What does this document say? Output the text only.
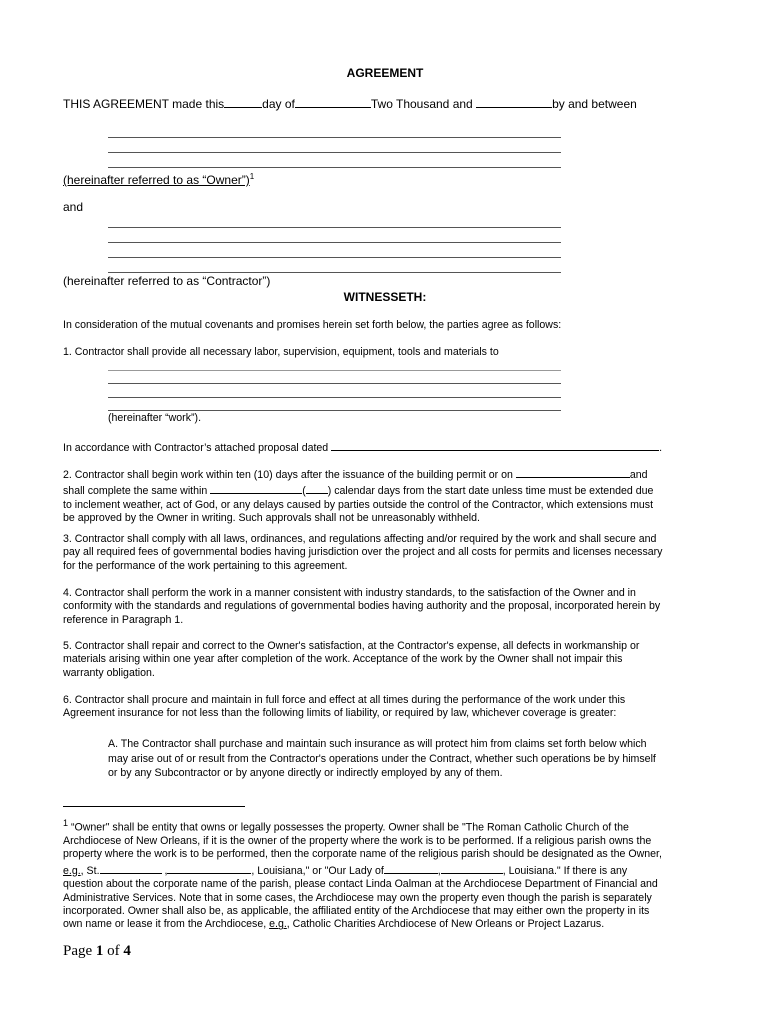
AGREEMENT
THIS AGREEMENT made this	day of	Two Thousand and	by and between
(hereinafter referred to as “Owner”)$^1$
and
(hereinafter referred to as “Contractor”)
WITNESSETH:
In consideration of the mutual covenants and promises herein set forth below, the parties agree as follows:
1. Contractor shall provide all necessary labor, supervision, equipment, tools and materials to
(hereinafter “work”).
In accordance with Contractor’s attached proposal dated	.
2. Contractor shall begin work within ten (10) days after the issuance of the building permit or on	and
shall complete the same within	( ) calendar days from the start date unless time must be extended due
to inclement weather, act of God, or any delays caused by parties outside the control of the Contractor, which extensions must
be approved by the Owner in writing. Such approvals shall not be unreasonably withheld.
3. Contractor shall comply with all laws, ordinances, and regulations affecting and/or required by the work and shall secure and
pay all required fees of governmental bodies having jurisdiction over the project and all costs for permits and licenses necessary
for the performance of the work pertaining to this agreement.
4. Contractor shall perform the work in a manner consistent with industry standards, to the satisfaction of the Owner and in
conformity with the standards and regulations of governmental bodies having authority and the proposal, incorporated herein by
reference in Paragraph 1.
5. Contractor shall repair and correct to the Owner's satisfaction, at the Contractor's expense, all defects in workmanship or
materials arising within one year after completion of the work. Acceptance of the work by the Owner shall not impair this
warranty obligation.
6. Contractor shall procure and maintain in full force and effect at all times during the performance of the work under this
Agreement insurance for not less than the following limits of liability, or required by law, whichever coverage is greater:
A. The Contractor shall purchase and maintain such insurance as will protect him from claims set forth below which
may arise out of or result from the Contractor's operations under the Contract, whether such operations be by himself
or by any Subcontractor or by anyone directly or indirectly employed by any of them.
$^1$ “Owner" shall be entity that owns or legally possesses the property. Owner shall be "The Roman Catholic Church of the
Archdiocese of New Orleans, if it is the owner of the property where the work is to be performed. If a religious parish owns the
property where the work is to be performed, then the corporate name of the religious parish should be designated as the Owner,
e.g., St.	,	, Louisiana," or "Our Lady of	,	, Louisiana." If there is any
question about the corporate name of the parish, please contact Linda Oalman at the Archdiocese Department of Financial and
Administrative Services. Note that in some cases, the Archdiocese may own the property even though the parish is separately
incorporated. Owner shall also be, as applicable, the affiliated entity of the Archdiocese that may either own the property in its
own name or lease it from the Archdiocese, e.g., Catholic Charities Archdiocese of New Orleans or Project Lazarus.
Page 1 of 4
